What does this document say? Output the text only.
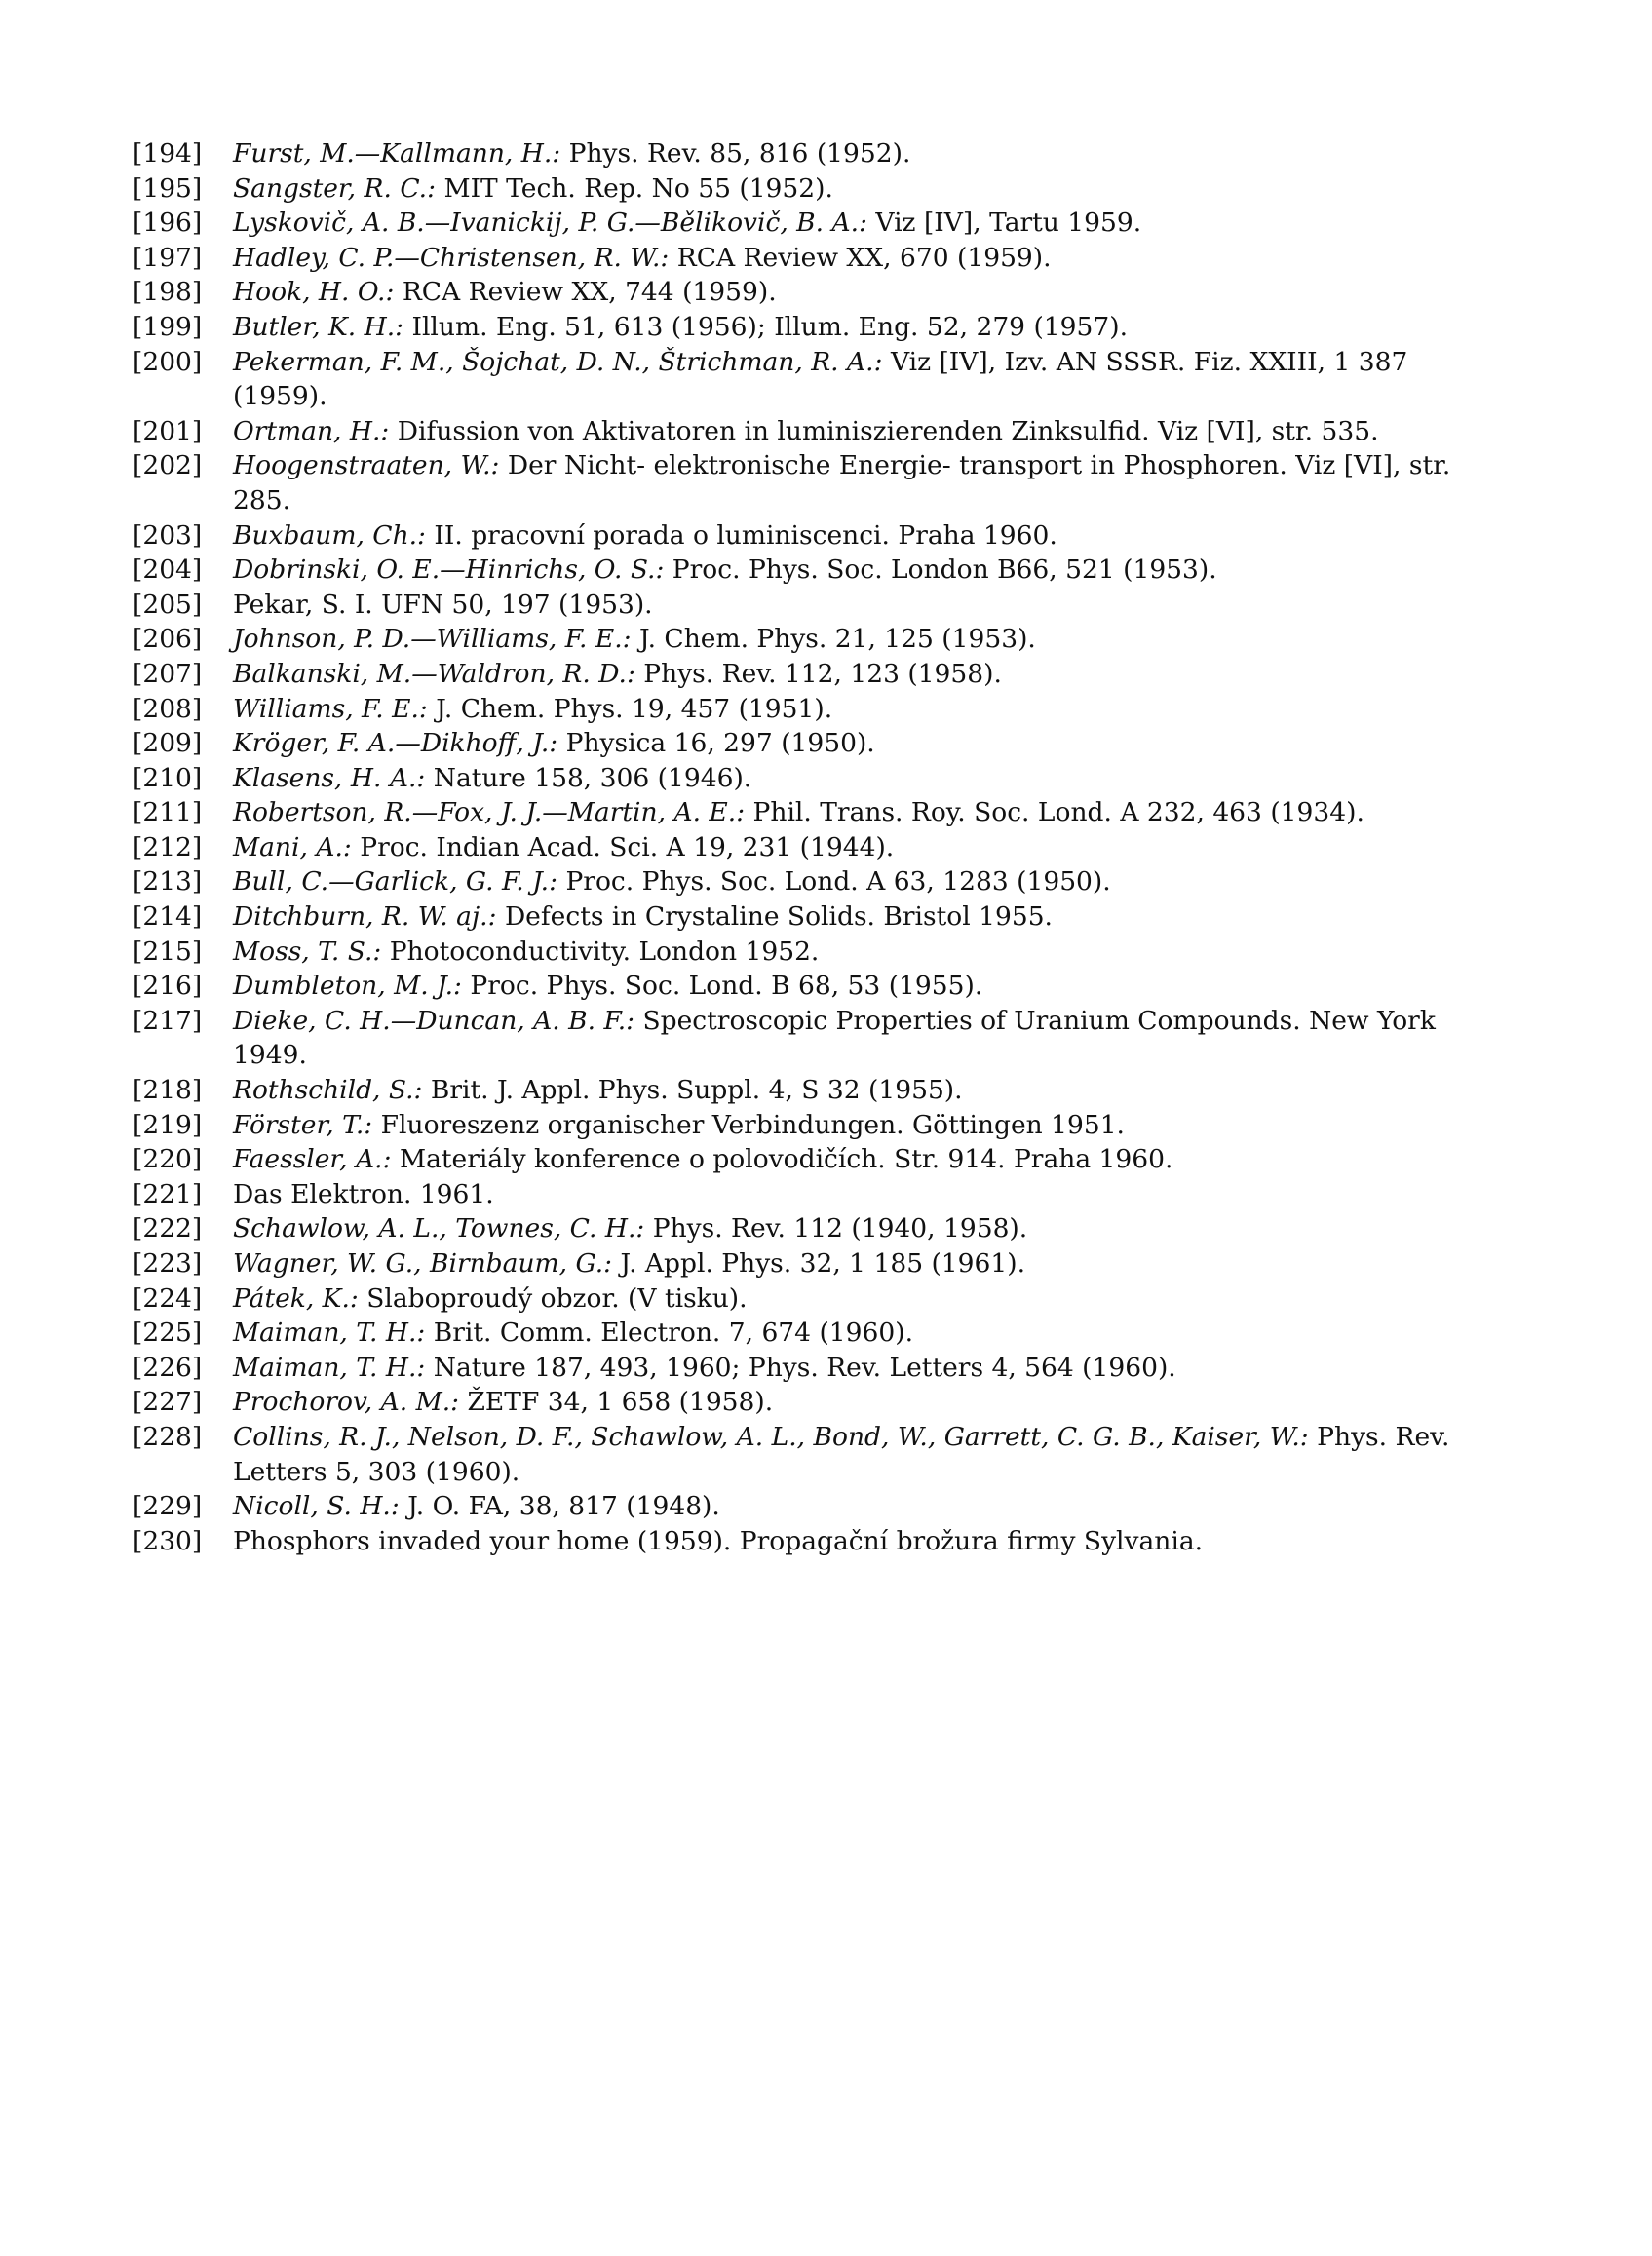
[194]	Furst, M.—Kallmann, H.: Phys. Rev. 85, 816 (1952).
[195]	Sangster, R. C.: MIT Tech. Rep. No 55 (1952).
[196]	Lyskovič, A. B.—Ivanickij, P. G.—Bělikovič, B. A.: Viz [IV], Tartu 1959.
[197]	Hadley, C. P.—Christensen, R. W.: RCA Review XX, 670 (1959).
[198]	Hook, H. O.: RCA Review XX, 744 (1959).
[199]	Butler, K. H.: Illum. Eng. 51, 613 (1956); Illum. Eng. 52, 279 (1957).
[200]	Pekerman, F. M., Šojchat, D. N., Štrichman, R. A.: Viz [IV], Izv. AN SSSR. Fiz. XXIII, 1 387 (1959).
[201]	Ortman, H.: Difussion von Aktivatoren in luminiszierenden Zinksulfid. Viz [VI], str. 535.
[202]	Hoogenstraaten, W.: Der Nicht- elektronische Energie- transport in Phosphoren. Viz [VI], str. 285.
[203]	Buxbaum, Ch.: II. pracovní porada o luminiscenci. Praha 1960.
[204]	Dobrinski, O. E.—Hinrichs, O. S.: Proc. Phys. Soc. London B66, 521 (1953).
[205]	Pekar, S. I. UFN 50, 197 (1953).
[206]	Johnson, P. D.—Williams, F. E.: J. Chem. Phys. 21, 125 (1953).
[207]	Balkanski, M.—Waldron, R. D.: Phys. Rev. 112, 123 (1958).
[208]	Williams, F. E.: J. Chem. Phys. 19, 457 (1951).
[209]	Kröger, F. A.—Dikhoff, J.: Physica 16, 297 (1950).
[210]	Klasens, H. A.: Nature 158, 306 (1946).
[211]	Robertson, R.—Fox, J. J.—Martin, A. E.: Phil. Trans. Roy. Soc. Lond. A 232, 463 (1934).
[212]	Mani, A.: Proc. Indian Acad. Sci. A 19, 231 (1944).
[213]	Bull, C.—Garlick, G. F. J.: Proc. Phys. Soc. Lond. A 63, 1283 (1950).
[214]	Ditchburn, R. W. aj.: Defects in Crystaline Solids. Bristol 1955.
[215]	Moss, T. S.: Photoconductivity. London 1952.
[216]	Dumbleton, M. J.: Proc. Phys. Soc. Lond. B 68, 53 (1955).
[217]	Dieke, C. H.—Duncan, A. B. F.: Spectroscopic Properties of Uranium Compounds. New York 1949.
[218]	Rothschild, S.: Brit. J. Appl. Phys. Suppl. 4, S 32 (1955).
[219]	Förster, T.: Fluoreszenz organischer Verbindungen. Göttingen 1951.
[220]	Faessler, A.: Materiály konference o polovodičích. Str. 914. Praha 1960.
[221]	Das Elektron. 1961.
[222]	Schawlow, A. L., Townes, C. H.: Phys. Rev. 112 (1940, 1958).
[223]	Wagner, W. G., Birnbaum, G.: J. Appl. Phys. 32, 1 185 (1961).
[224]	Pátek, K.: Slaboproudý obzor. (V tisku).
[225]	Maiman, T. H.: Brit. Comm. Electron. 7, 674 (1960).
[226]	Maiman, T. H.: Nature 187, 493, 1960; Phys. Rev. Letters 4, 564 (1960).
[227]	Prochorov, A. M.: ŽETF 34, 1 658 (1958).
[228]	Collins, R. J., Nelson, D. F., Schawlow, A. L., Bond, W., Garrett, C. G. B., Kaiser, W.: Phys. Rev. Letters 5, 303 (1960).
[229]	Nicoll, S. H.: J. O. FA, 38, 817 (1948).
[230]	Phosphors invaded your home (1959). Propagační brožura firmy Sylvania.
